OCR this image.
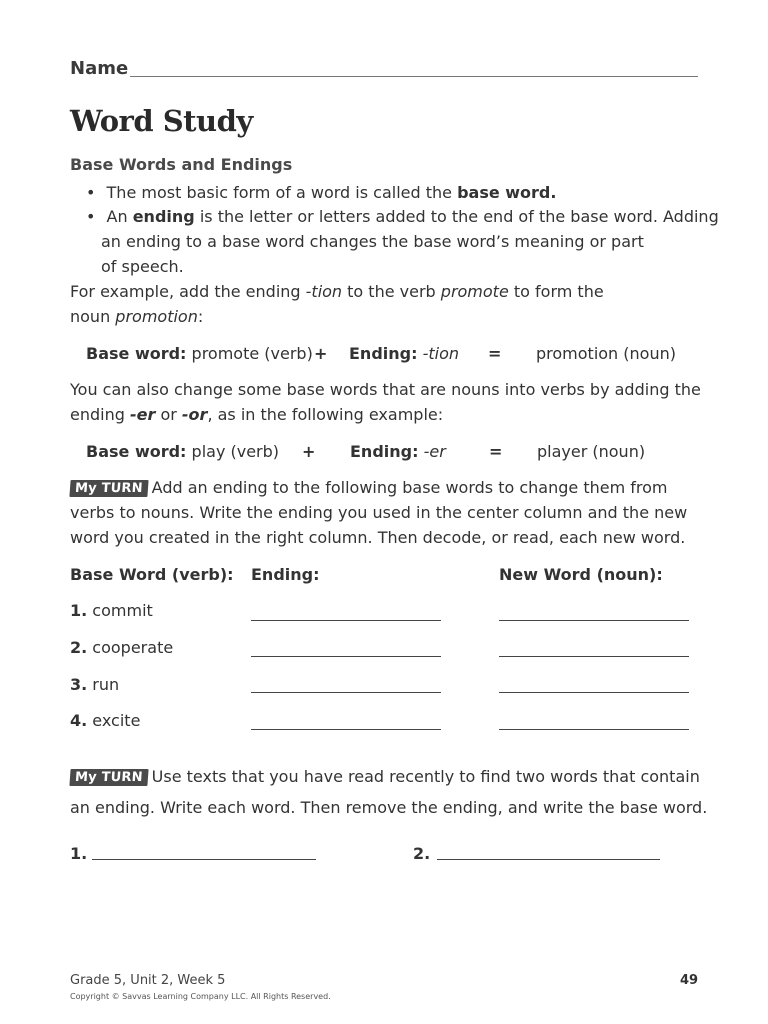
Name
Word Study
Base Words and Endings
• The most basic form of a word is called the base word.
• An ending is the letter or letters added to the end of the base word. Adding
an ending to a base word changes the base word’s meaning or part
of speech.
For example, add the ending -tion to the verb promote to form the
noun promotion:
Base word: promote (verb) + Ending: -tion = promotion (noun)
You can also change some base words that are nouns into verbs by adding the
ending -er or -or, as in the following example:
Base word: play (verb) + Ending: -er	= player (noun)
My TURN Add an ending to the following base words to change them from
verbs to nouns. Write the ending you used in the center column and the new
word you created in the right column. Then decode, or read, each new word.
Base Word (verb): Ending:	New Word (noun):
1. commit
2. cooperate
3. run
4. excite
My TURN Use texts that you have read recently to find two words that contain
an ending. Write each word. Then remove the ending, and write the base word.
1.	2.
Grade 5, Unit 2, Week 5
Copyright © Savvas Learning Company LLC. All Rights Reserved.
49
